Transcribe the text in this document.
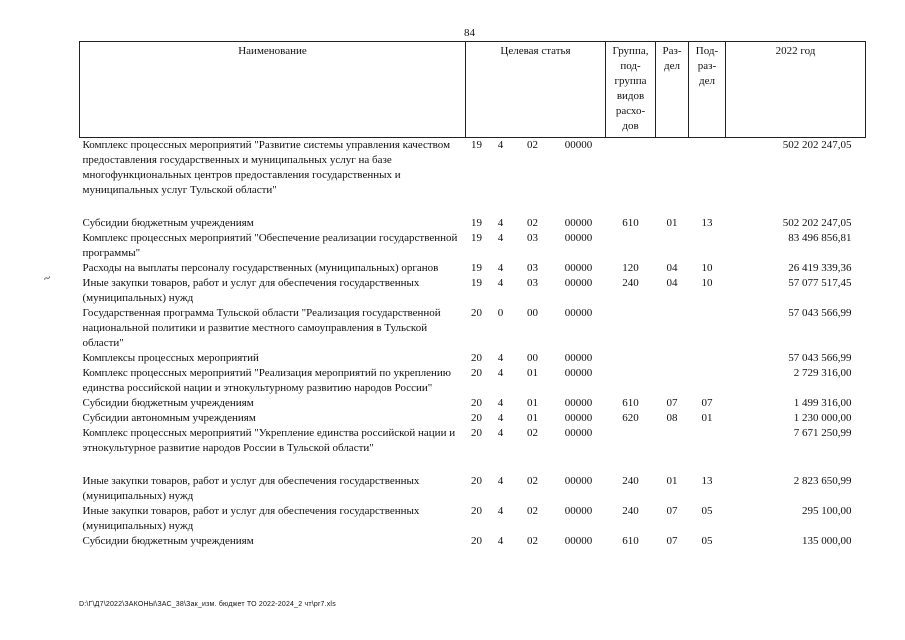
84
~
Наименование	Целевая статья				Группа, под-группа видов расхо-дов	Раз-дел	Под-раз-дел	2022 год
Комплекс процессных мероприятий "Развитие системы управления качеством предоставления государственных и муниципальных услуг на базе многофункциональных центров предоставления государственных и муниципальных услуг Тульской области"	19	4	02	00000				502 202 247,05
Субсидии бюджетным учреждениям	19	4	02	00000	610	01	13	502 202 247,05
Комплекс процессных мероприятий "Обеспечение реализации государственной программы"	19	4	03	00000				83 496 856,81
Расходы на выплаты персоналу государственных (муниципальных) органов	19	4	03	00000	120	04	10	26 419 339,36
Иные закупки товаров, работ и услуг для обеспечения государственных (муниципальных) нужд	19	4	03	00000	240	04	10	57 077 517,45
Государственная программа Тульской области "Реализация государственной национальной политики и развитие местного самоуправления в Тульской области"	20	0	00	00000				57 043 566,99
Комплексы процессных мероприятий	20	4	00	00000				57 043 566,99
Комплекс процессных мероприятий "Реализация мероприятий по укреплению единства российской нации и этнокультурному развитию народов России"	20	4	01	00000				2 729 316,00
Субсидии бюджетным учреждениям	20	4	01	00000	610	07	07	1 499 316,00
Субсидии автономным учреждениям	20	4	01	00000	620	08	01	1 230 000,00
Комплекс процессных мероприятий "Укрепление единства российской нации и этнокультурное развитие народов России в Тульской области"	20	4	02	00000				7 671 250,99
Иные закупки товаров, работ и услуг для обеспечения государственных (муниципальных) нужд	20	4	02	00000	240	01	13	2 823 650,99
Иные закупки товаров, работ и услуг для обеспечения государственных (муниципальных) нужд	20	4	02	00000	240	07	05	295 100,00
Субсидии бюджетным учреждениям	20	4	02	00000	610	07	05	135 000,00
D:\Г\Д7\2022\ЗАКОНЫ\ЗАС_38\Зак_изм. бюджет ТО 2022-2024_2 чт\pr7.xls
